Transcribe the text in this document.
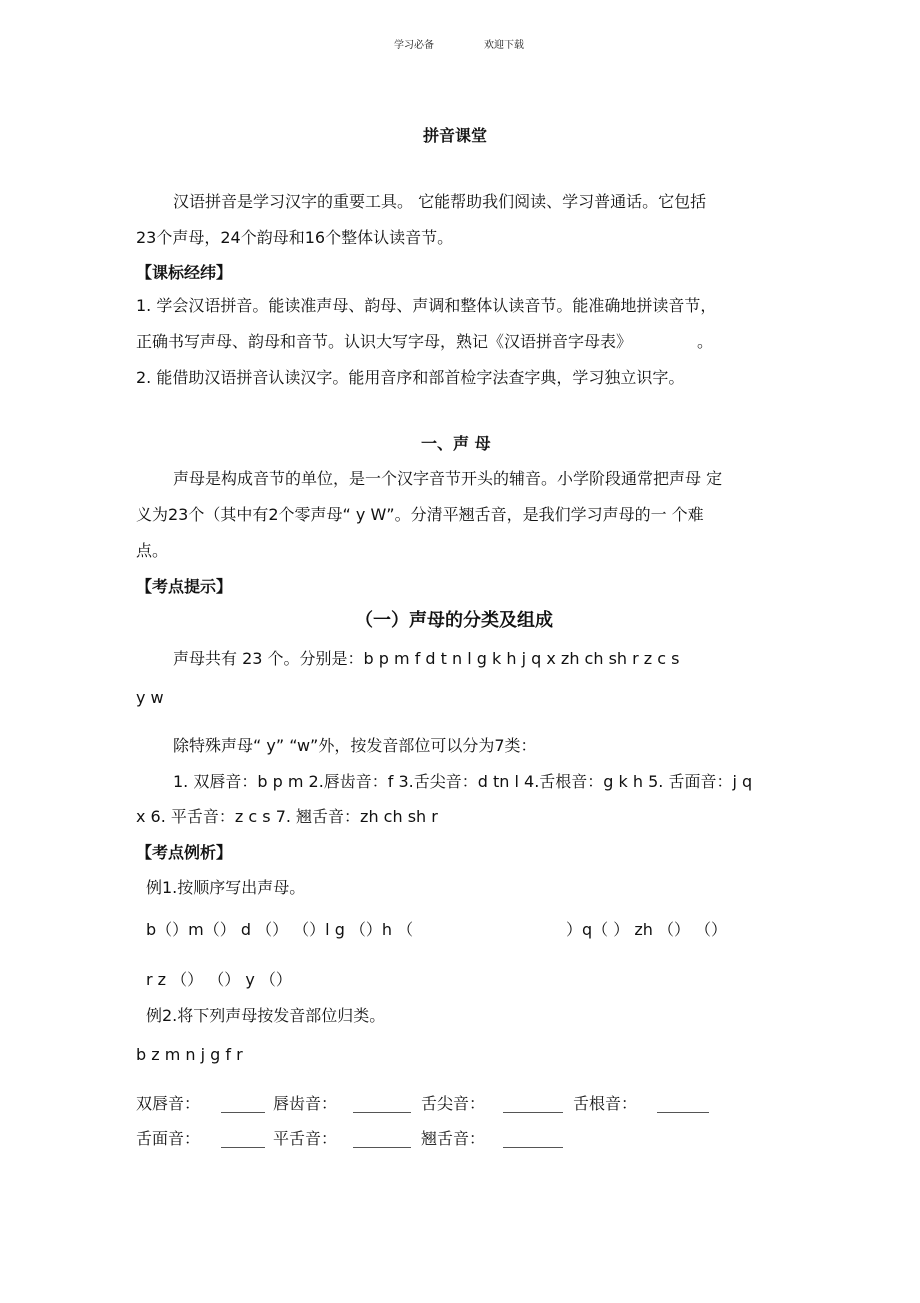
学习必备	欢迎下载
拼音课堂
汉语拼音是学习汉字的重要工具。 它能帮助我们阅读、学习普通话。它包括
23个声母，24个韵母和16个整体认读音节。
【课标经纬】
1. 学会汉语拼音。能读准声母、韵母、声调和整体认读音节。能准确地拼读音节，
正确书写声母、韵母和音节。认识大写字母，熟记《汉语拼音字母表》	。
2. 能借助汉语拼音认读汉字。能用音序和部首检字法查字典，学习独立识字。
一、声 母
声母是构成音节的单位，是一个汉字音节开头的辅音。小学阶段通常把声母 定
义为23个（其中有2个零声母“ y W”。分清平翘舌音，是我们学习声母的一 个难
点。
【考点提示】
（一）声母的分类及组成
声母共有 23 个。分别是：b p m f d t n l g k h j q x zh ch sh r z c s
y w
除特殊声母“ y” “w”外，按发音部位可以分为7类：
1. 双唇音：b p m 2.唇齿音：f 3.舌尖音：d tn l 4.舌根音：g k h 5. 舌面音：j q
x 6. 平舌音：z c s 7. 翘舌音：zh ch sh r
【考点例析】
例1.按顺序写出声母。
b（）m（） d （） （）l g （）h （	）q（ ） zh （） （）
r z （） （） y （）
例2.将下列声母按发音部位归类。
b z m n j g f r
双唇音：	唇齿音：	舌尖音：	舌根音：
舌面音：	平舌音：	翘舌音：
